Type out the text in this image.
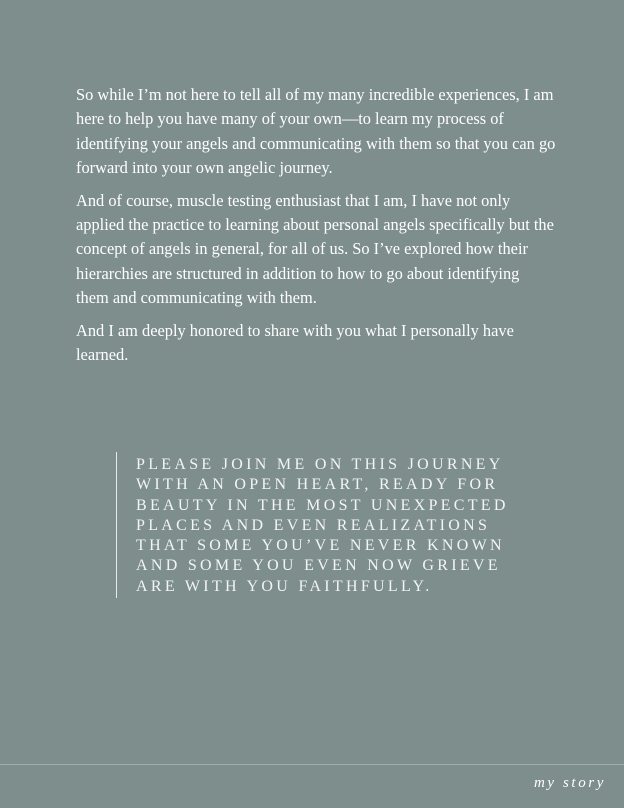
So while I’m not here to tell all of my many incredible experiences, I am here to help you have many of your own—to learn my process of identifying your angels and communicating with them so that you can go forward into your own angelic journey.

And of course, muscle testing enthusiast that I am, I have not only applied the practice to learning about personal angels specifically but the concept of angels in general, for all of us. So I’ve explored how their hierarchies are structured in addition to how to go about identifying them and communicating with them.

And I am deeply honored to share with you what I personally have learned.

PLEASE JOIN ME ON THIS JOURNEY
WITH AN OPEN HEART, READY FOR
BEAUTY IN THE MOST UNEXPECTED
PLACES AND EVEN REALIZATIONS
THAT SOME YOU’VE NEVER KNOWN
AND SOME YOU EVEN NOW GRIEVE
ARE WITH YOU FAITHFULLY.

my story
